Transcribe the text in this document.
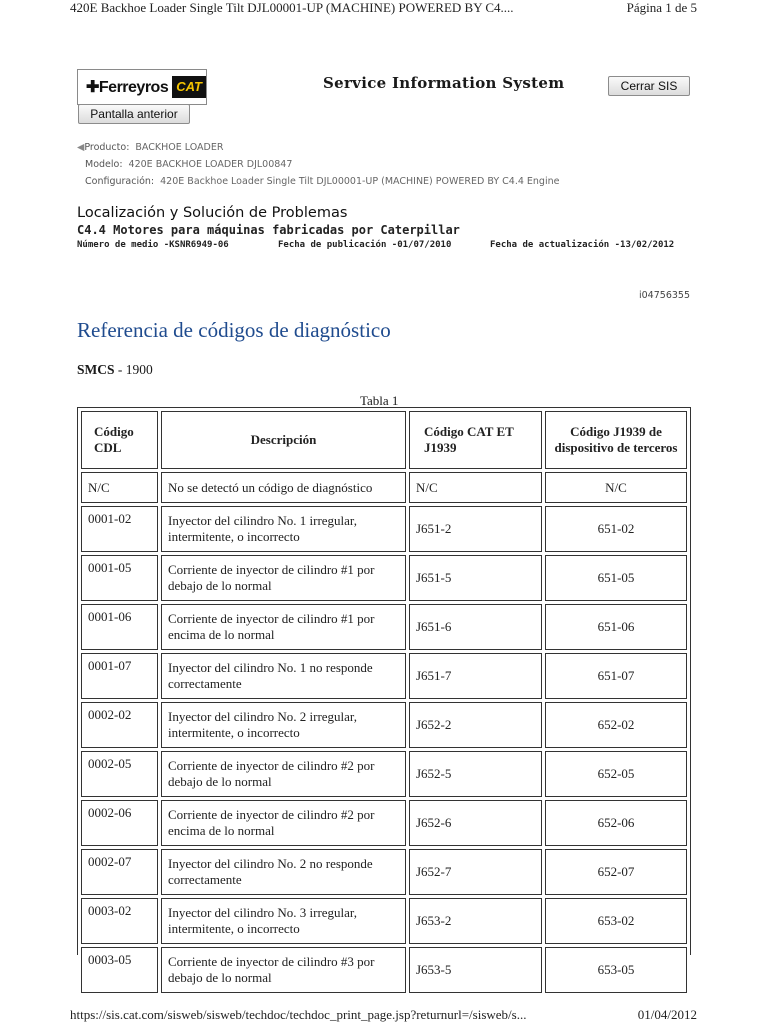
420E Backhoe Loader Single Tilt DJL00001-UP (MACHINE) POWERED BY C4....	Página 1 de 5
✚Ferreyros CAT	Service Information System	Cerrar SIS
Pantalla anterior
◀Producto: BACKHOE LOADER
Modelo: 420E BACKHOE LOADER DJL00847
Configuración: 420E Backhoe Loader Single Tilt DJL00001-UP (MACHINE) POWERED BY C4.4 Engine
Localización y Solución de Problemas
C4.4 Motores para máquinas fabricadas por Caterpillar
Número de medio -KSNR6949-06	Fecha de publicación -01/07/2010	Fecha de actualización -13/02/2012
i04756355
Referencia de códigos de diagnóstico
SMCS - 1900
Tabla 1
Código CDL	Descripción	Código CAT ET J1939	Código J1939 de dispositivo de terceros
N/C	No se detectó un código de diagnóstico	N/C	N/C
0001-02	Inyector del cilindro No. 1 irregular, intermitente, o incorrecto	J651-2	651-02
0001-05	Corriente de inyector de cilindro #1 por debajo de lo normal	J651-5	651-05
0001-06	Corriente de inyector de cilindro #1 por encima de lo normal	J651-6	651-06
0001-07	Inyector del cilindro No. 1 no responde correctamente	J651-7	651-07
0002-02	Inyector del cilindro No. 2 irregular, intermitente, o incorrecto	J652-2	652-02
0002-05	Corriente de inyector de cilindro #2 por debajo de lo normal	J652-5	652-05
0002-06	Corriente de inyector de cilindro #2 por encima de lo normal	J652-6	652-06
0002-07	Inyector del cilindro No. 2 no responde correctamente	J652-7	652-07
0003-02	Inyector del cilindro No. 3 irregular, intermitente, o incorrecto	J653-2	653-02
0003-05	Corriente de inyector de cilindro #3 por debajo de lo normal	J653-5	653-05
https://sis.cat.com/sisweb/sisweb/techdoc/techdoc_print_page.jsp?returnurl=/sisweb/s...	01/04/2012
